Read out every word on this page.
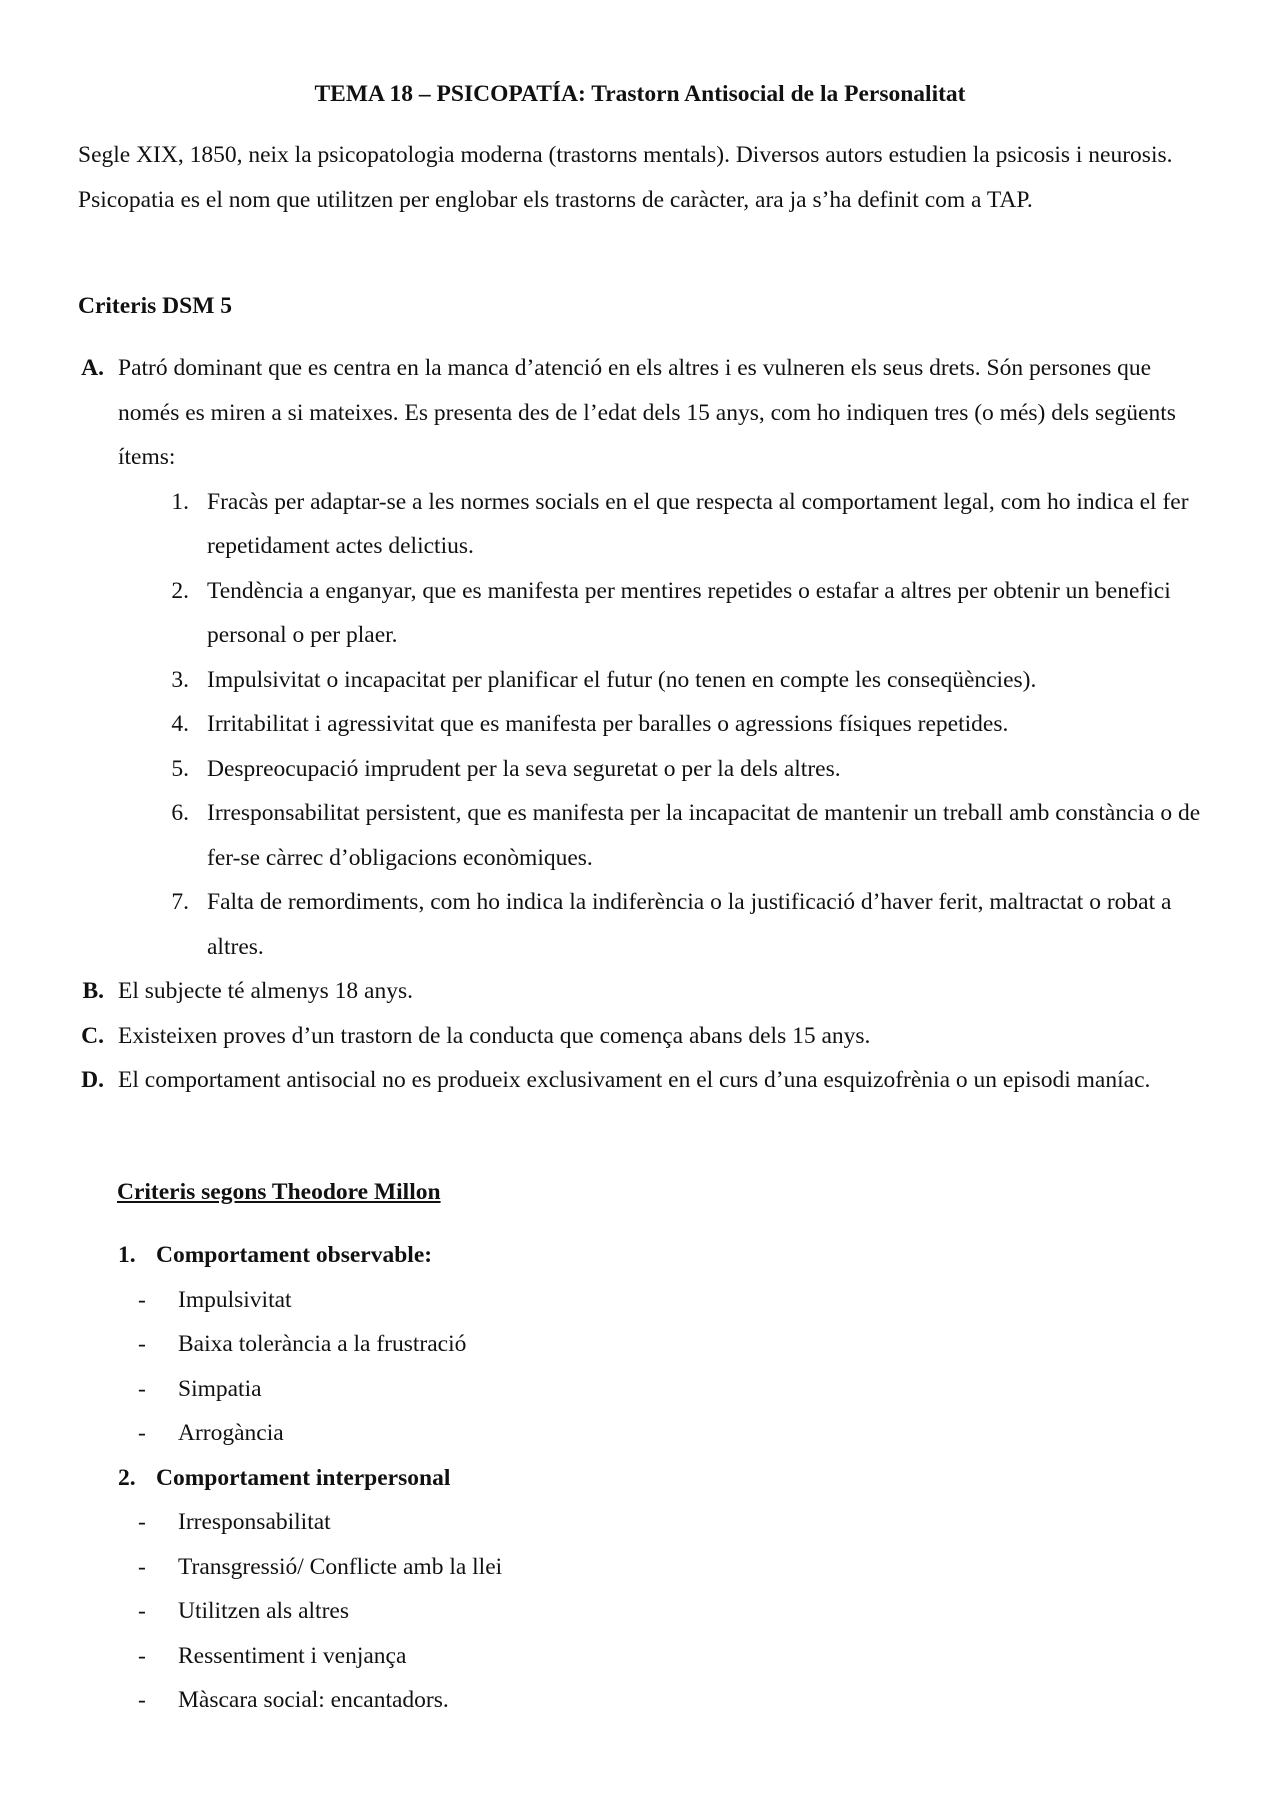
TEMA 18 – PSICOPATÍA: Trastorn Antisocial de la Personalitat

Segle XIX, 1850, neix la psicopatologia moderna (trastorns mentals). Diversos autors estudien la psicosis i neurosis. Psicopatia es el nom que utilitzen per englobar els trastorns de caràcter, ara ja s’ha definit com a TAP.

Criteris DSM 5
A. Patró dominant que es centra en la manca d’atenció en els altres i es vulneren els seus drets. Són persones que només es miren a si mateixes. Es presenta des de l’edat dels 15 anys, com ho indiquen tres (o més) dels següents ítems:
1. Fracàs per adaptar-se a les normes socials en el que respecta al comportament legal, com ho indica el fer repetidament actes delictius.
2. Tendència a enganyar, que es manifesta per mentires repetides o estafar a altres per obtenir un benefici personal o per plaer.
3. Impulsivitat o incapacitat per planificar el futur (no tenen en compte les conseqüències).
4. Irritabilitat i agressivitat que es manifesta per baralles o agressions físiques repetides.
5. Despreocupació imprudent per la seva seguretat o per la dels altres.
6. Irresponsabilitat persistent, que es manifesta per la incapacitat de mantenir un treball amb constància o de fer-se càrrec d’obligacions econòmiques.
7. Falta de remordiments, com ho indica la indiferència o la justificació d’haver ferit, maltractat o robat a altres.
B. El subjecte té almenys 18 anys.
C. Existeixen proves d’un trastorn de la conducta que comença abans dels 15 anys.
D. El comportament antisocial no es produeix exclusivament en el curs d’una esquizofrènia o un episodi maníac.
Criteris segons Theodore Millon
1. Comportament observable:
-	Impulsivitat
-	Baixa tolerància a la frustració
-	Simpatia
-	Arrogància
2. Comportament interpersonal
-	Irresponsabilitat
-	Transgressió/ Conflicte amb la llei
-	Utilitzen als altres
-	Ressentiment i venjança
-	Màscara social: encantadors.
